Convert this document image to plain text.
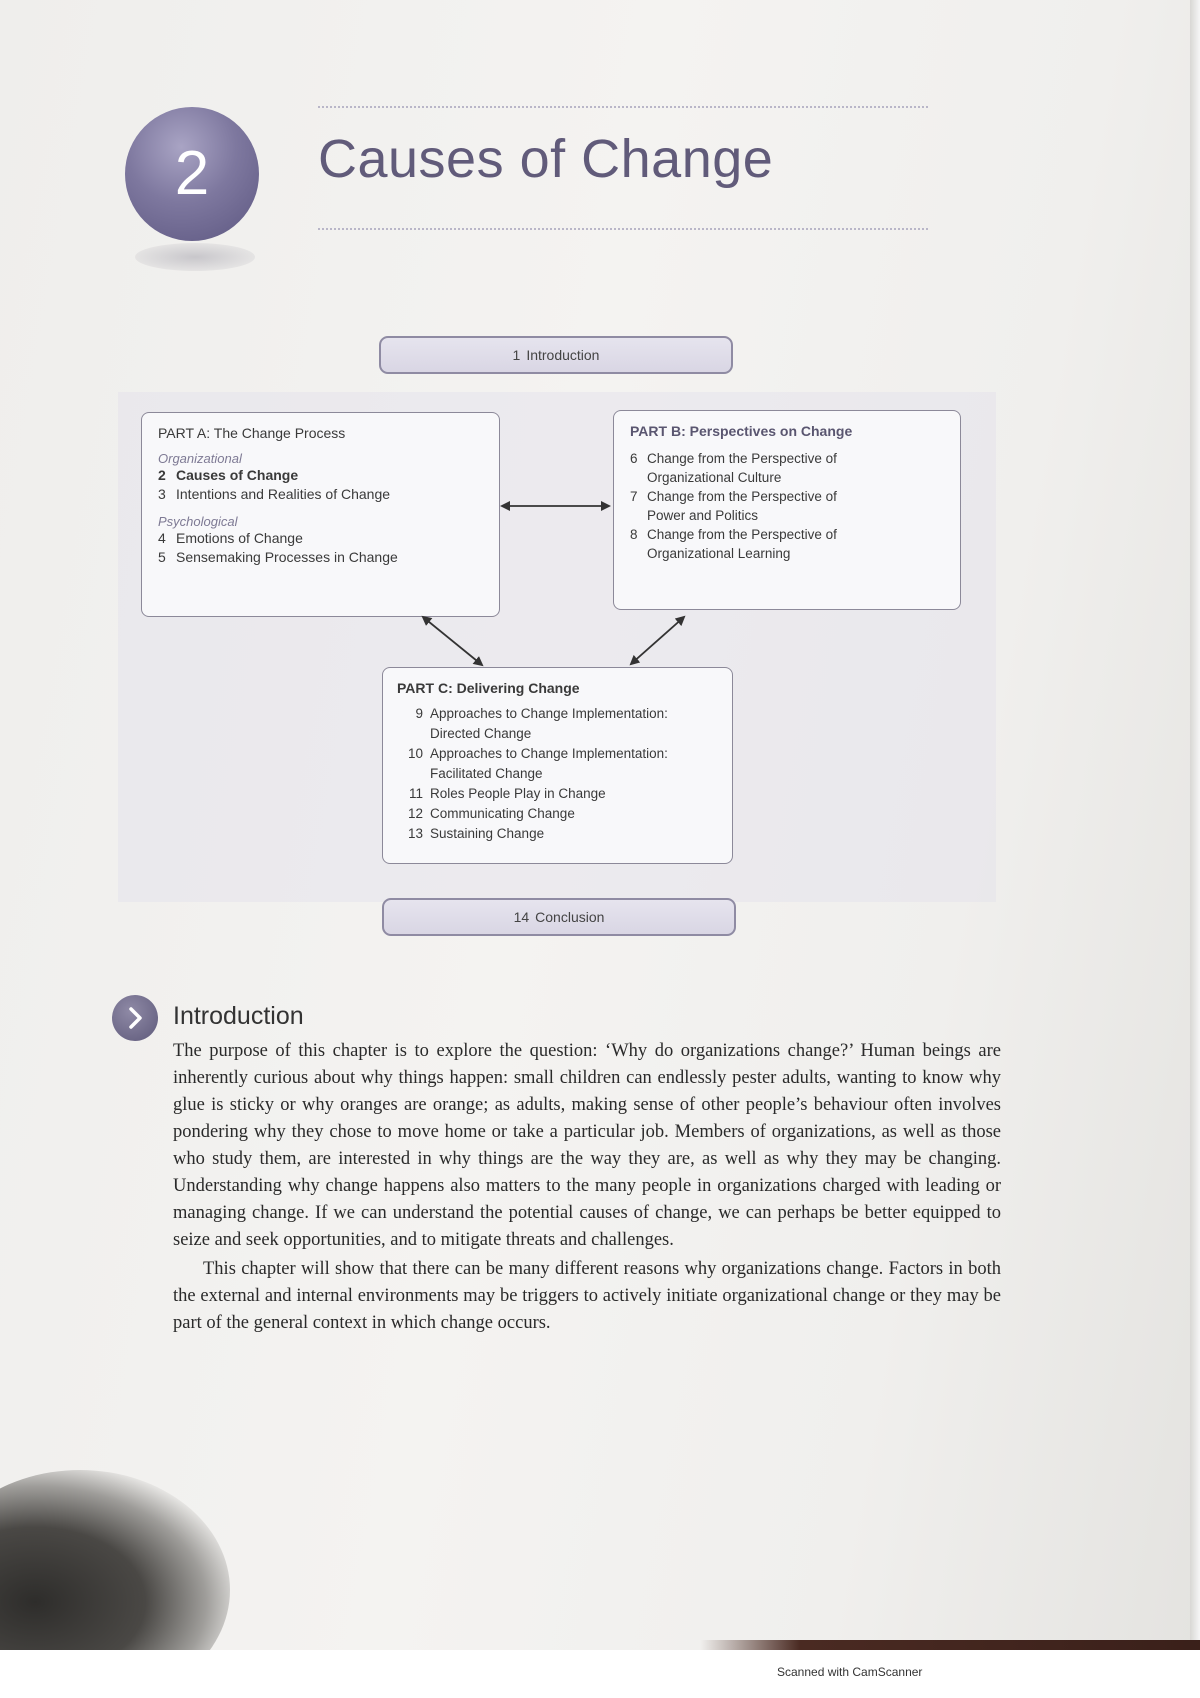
2	Causes of Change
1 Introduction
PART A: The Change Process
Organizational
2 Causes of Change
3 Intentions and Realities of Change
Psychological
4 Emotions of Change
5 Sensemaking Processes in Change
PART B: Perspectives on Change
6 Change from the Perspective of
Organizational Culture
7 Change from the Perspective of
Power and Politics
8 Change from the Perspective of
Organizational Learning
PART C: Delivering Change
9 Approaches to Change Implementation:
Directed Change
10 Approaches to Change Implementation:
Facilitated Change
11 Roles People Play in Change
12 Communicating Change
13 Sustaining Change
14 Conclusion
Introduction

The purpose of this chapter is to explore the question: ‘Why do organizations change?’ Human beings are inherently curious about why things happen: small children can endlessly pester adults, wanting to know why glue is sticky or why oranges are orange; as adults, making sense of other people’s behaviour often involves pondering why they chose to move home or take a particular job. Members of organizations, as well as those who study them, are interested in why things are the way they are, as well as why they may be changing. Understanding why change happens also matters to the many people in organizations charged with leading or managing change. If we can understand the potential causes of change, we can perhaps be better equipped to seize and seek opportunities, and to mitigate threats and challenges.

This chapter will show that there can be many different reasons why organizations change. Factors in both the external and internal environments may be triggers to actively initiate organizational change or they may be part of the general context in which change occurs.

Scanned with CamScanner
